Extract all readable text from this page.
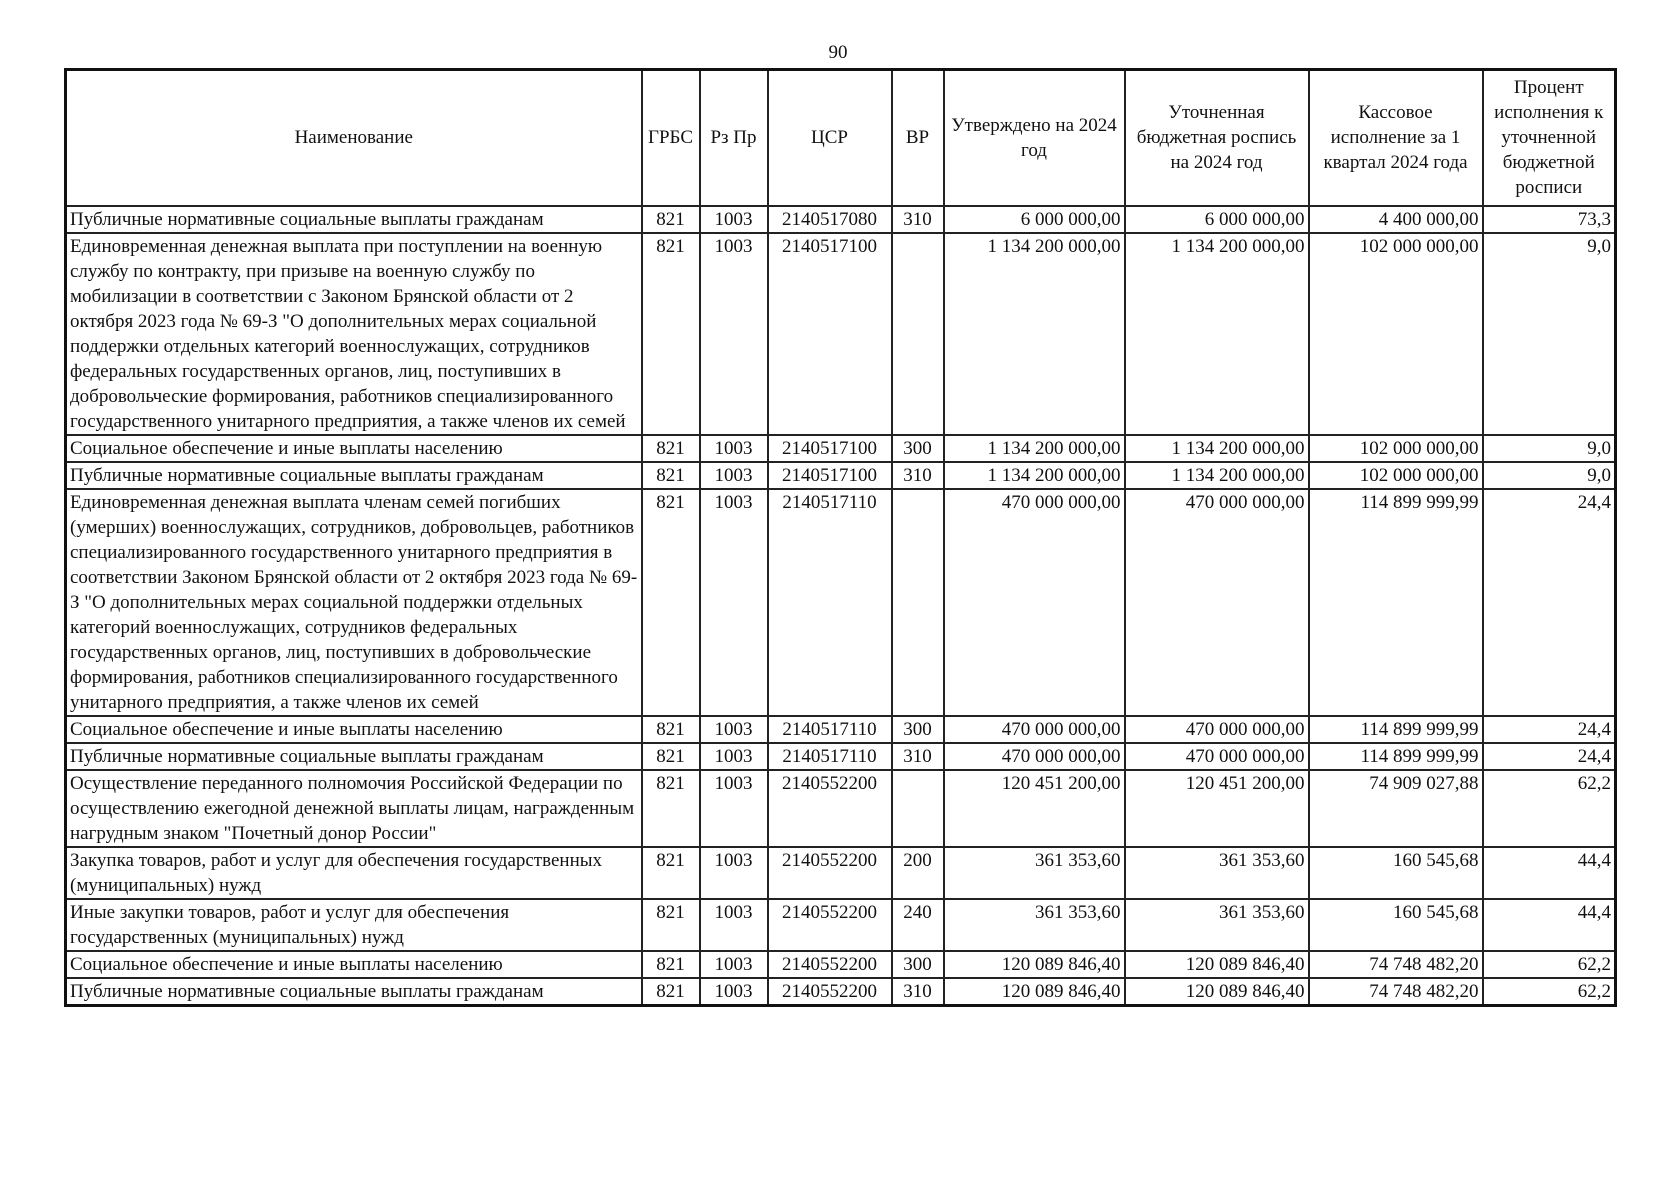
90
Наименование	ГРБС	Рз Пр	ЦСР	ВР	Утверждено на 2024 год	Уточненная бюджетная роспись на 2024 год	Кассовое исполнение за 1 квартал 2024 года	Процент исполнения к уточненной бюджетной росписи
Публичные нормативные социальные выплаты гражданам	821	1003	2140517080	310	6 000 000,00	6 000 000,00	4 400 000,00	73,3
Единовременная денежная выплата при поступлении на военную службу по контракту, при призыве на военную службу по мобилизации в соответствии с Законом Брянской области от 2 октября 2023 года № 69-З "О дополнительных мерах социальной поддержки отдельных категорий военнослужащих, сотрудников федеральных государственных органов, лиц, поступивших в добровольческие формирования, работников специализированного государственного унитарного предприятия, а также членов их семей	821	1003	2140517100		1 134 200 000,00	1 134 200 000,00	102 000 000,00	9,0
Социальное обеспечение и иные выплаты населению	821	1003	2140517100	300	1 134 200 000,00	1 134 200 000,00	102 000 000,00	9,0
Публичные нормативные социальные выплаты гражданам	821	1003	2140517100	310	1 134 200 000,00	1 134 200 000,00	102 000 000,00	9,0
Единовременная денежная выплата членам семей погибших (умерших) военнослужащих, сотрудников, добровольцев, работников специализированного государственного унитарного предприятия в соответствии Законом Брянской области от 2 октября 2023 года № 69-З "О дополнительных мерах социальной поддержки отдельных категорий военнослужащих, сотрудников федеральных государственных органов, лиц, поступивших в добровольческие формирования, работников специализированного государственного унитарного предприятия, а также членов их семей	821	1003	2140517110		470 000 000,00	470 000 000,00	114 899 999,99	24,4
Социальное обеспечение и иные выплаты населению	821	1003	2140517110	300	470 000 000,00	470 000 000,00	114 899 999,99	24,4
Публичные нормативные социальные выплаты гражданам	821	1003	2140517110	310	470 000 000,00	470 000 000,00	114 899 999,99	24,4
Осуществление переданного полномочия Российской Федерации по осуществлению ежегодной денежной выплаты лицам, награжденным нагрудным знаком "Почетный донор России"	821	1003	2140552200		120 451 200,00	120 451 200,00	74 909 027,88	62,2
Закупка товаров, работ и услуг для обеспечения государственных (муниципальных) нужд	821	1003	2140552200	200	361 353,60	361 353,60	160 545,68	44,4
Иные закупки товаров, работ и услуг для обеспечения государственных (муниципальных) нужд	821	1003	2140552200	240	361 353,60	361 353,60	160 545,68	44,4
Социальное обеспечение и иные выплаты населению	821	1003	2140552200	300	120 089 846,40	120 089 846,40	74 748 482,20	62,2
Публичные нормативные социальные выплаты гражданам	821	1003	2140552200	310	120 089 846,40	120 089 846,40	74 748 482,20	62,2
